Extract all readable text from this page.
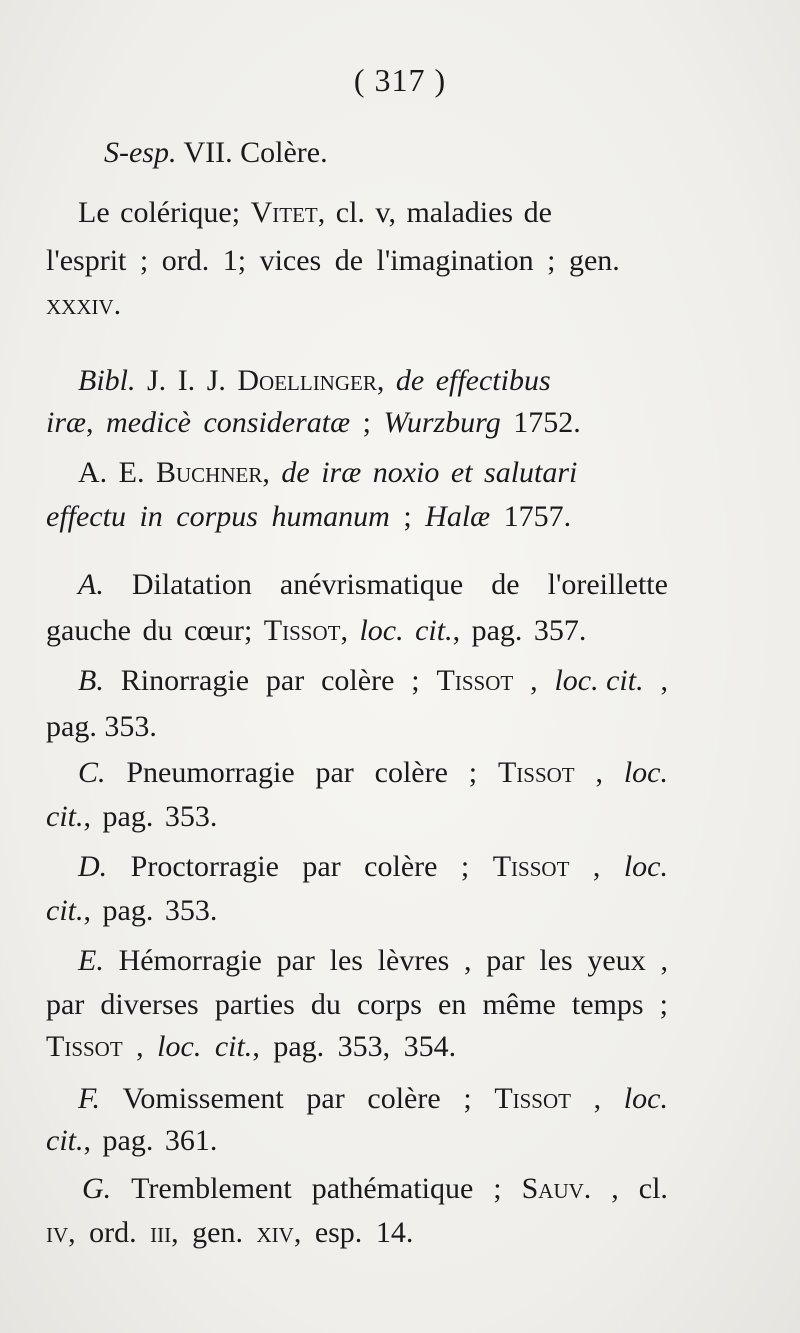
( 317 )
S-esp. VII. Colère.
Le colérique; Vitet, cl. v, maladies de
l'esprit ; ord. 1; vices de l'imagination ; gen.
xxxiv.
Bibl. J. I. J. Doellinger, de effectibus
iræ, medicè consideratæ ; Wurzburg 1752.
A. E. Buchner, de iræ noxio et salutari
effectu in corpus humanum ; Halæ 1757.
A. Dilatation anévrismatique de l'oreillette
gauche du cœur; Tissot, loc. cit., pag. 357.
B. Rinorragie par colère ; Tissot , loc. cit. ,
pag. 353.
C. Pneumorragie par colère ; Tissot , loc.
cit., pag. 353.
D. Proctorragie par colère ; Tissot , loc.
cit., pag. 353.
E. Hémorragie par les lèvres , par les yeux ,
par diverses parties du corps en même temps ;
Tissot , loc. cit., pag. 353, 354.
F. Vomissement par colère ; Tissot , loc.
cit., pag. 361.
G. Tremblement pathématique ; Sauv. , cl.
iv, ord. iii, gen. xiv, esp. 14.
